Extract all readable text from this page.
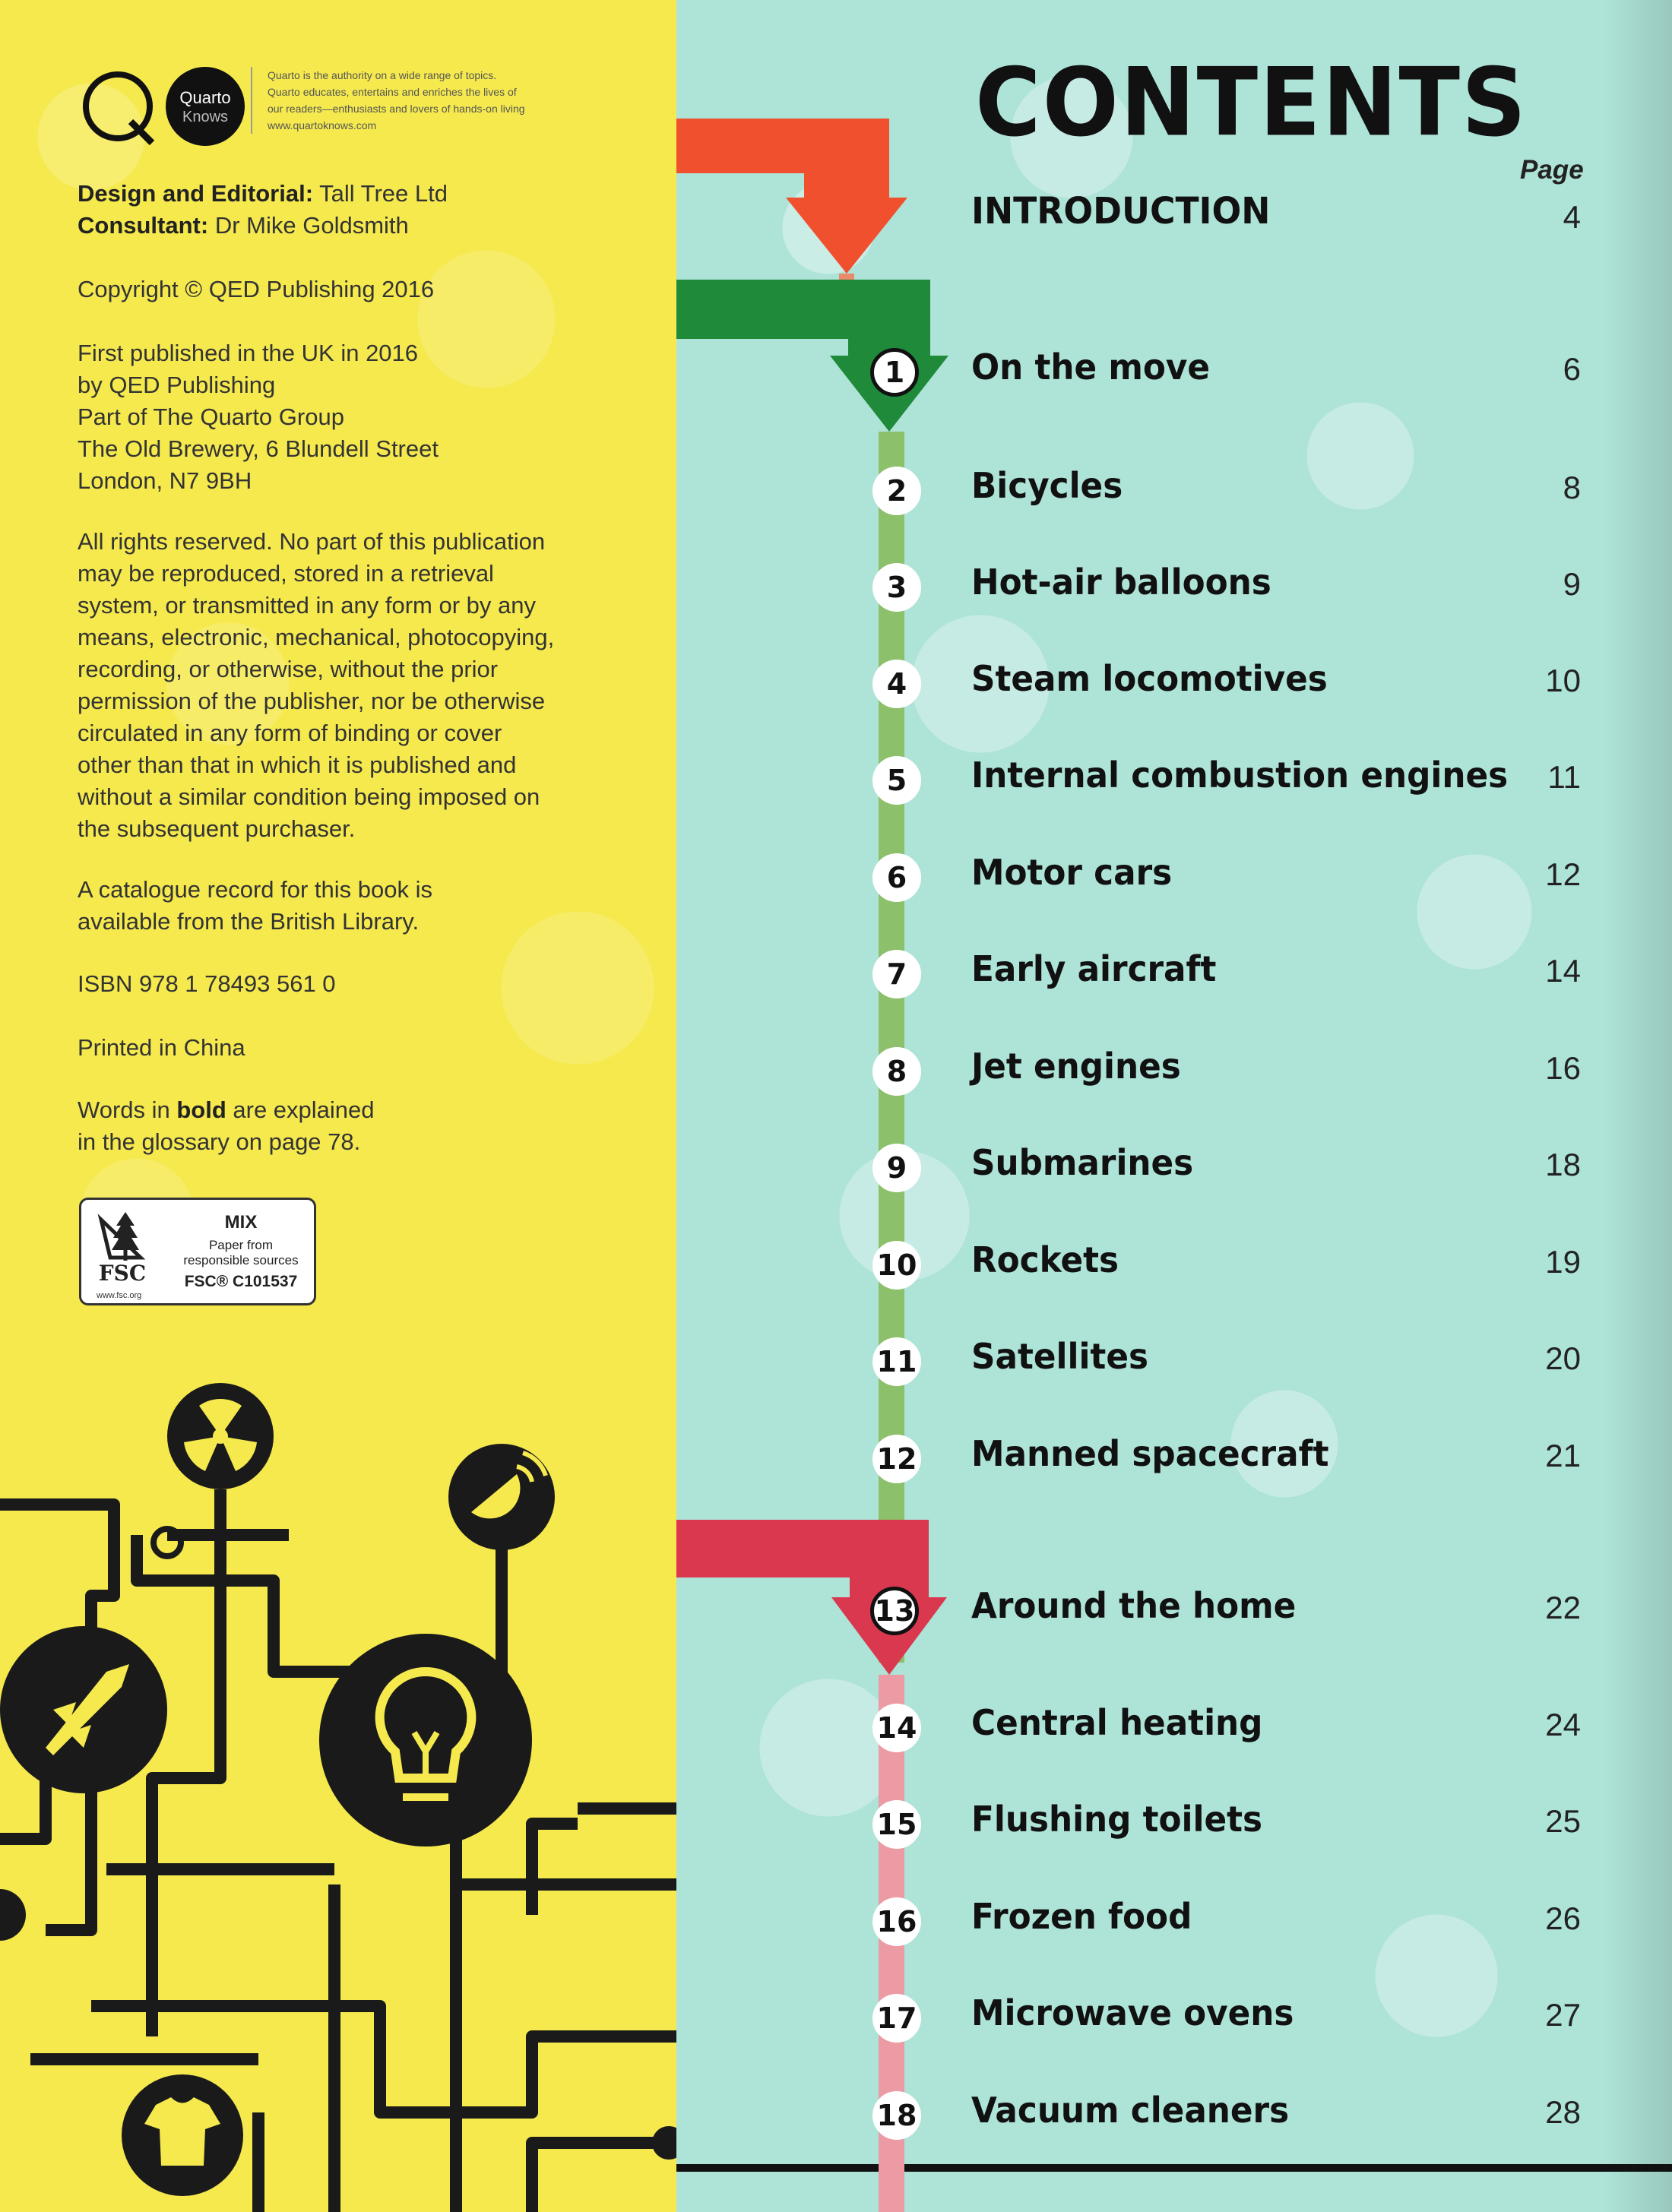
Quarto
Knows
Quarto is the authority on a wide range of topics.
Quarto educates, entertains and enriches the lives of
our readers—enthusiasts and lovers of hands-on living
www.quartoknows.com

Design and Editorial: Tall Tree Ltd

Consultant: Dr Mike Goldsmith

Copyright © QED Publishing 2016

First published in the UK in 2016

by QED Publishing

Part of The Quarto Group

The Old Brewery, 6 Blundell Street

London, N7 9BH

All rights reserved. No part of this publication

may be reproduced, stored in a retrieval

system, or transmitted in any form or by any

means, electronic, mechanical, photocopying,

recording, or otherwise, without the prior

permission of the publisher, nor be otherwise

circulated in any form of binding or cover

other than that in which it is published and

without a similar condition being imposed on

the subsequent purchaser.

A catalogue record for this book is

available from the British Library.

ISBN 978 1 78493 561 0

Printed in China

Words in bold are explained

in the glossary on page 78.

FSC
www.fsc.org
MIX
Paper from
responsible sources
FSC® C101537
CONTENTS
Page
INTRODUCTION	4
1	On the move	6
2	Bicycles	8
3	Hot-air balloons	9
4	Steam locomotives	10
5	Internal combustion engines	11
6	Motor cars	12
7	Early aircraft	14
8	Jet engines	16
9	Submarines	18
10 Rockets	19
11 Satellites	20
12 Manned spacecraft	21
13 Around the home	22
14 Central heating	24
15 Flushing toilets	25
16 Frozen food	26
17 Microwave ovens	27
18 Vacuum cleaners	28
